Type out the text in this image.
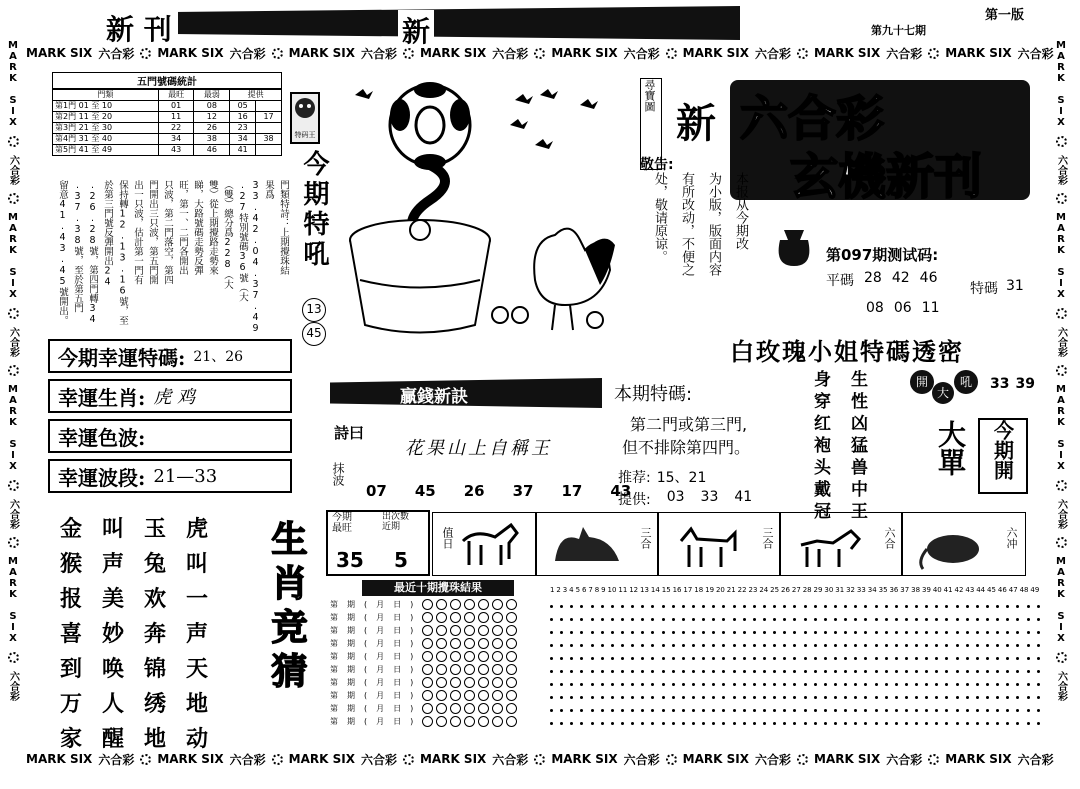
第一版
新 刊	新	第九十七期
MARK SIX 六合彩 MARK SIX 六合彩 MARK SIX 六合彩 MARK SIX 六合彩 MARK SIX 六合彩 MARK SIX 六合彩 MARK SIX 六合彩 MARK SIX 六合彩
MARK SIX 六合彩 MARK SIX 六合彩 MARK SIX 六合彩 MARK SIX 六合彩 MARK SIX 六合彩 MARK SIX 六合彩 MARK SIX 六合彩 MARK SIX 六合彩
MARK SIX
六合彩
MARK SIX
六合彩
MARK SIX
六合彩
MARK SIX
六合彩
MARK SIX
六合彩
MARK SIX
六合彩
MARK SIX
六合彩
MARK SIX
六合彩
五門號碼統計
門類	最旺	最弱	提供	
第1門 01 至 10	01	08	05	
第2門 11 至 20	11	12	16	17
第3門 21 至 30	22	26	23	
第4門 31 至 40	34	38	34	38
第5門 41 至 49	43	46	41	
特码王
今期特吼
13
45
門類特詩：上期攪珠結
果爲33.42.04.37.49
.27特別號碼36號（大
（雙）總分爲228（大
雙）從上期攪路走勢來
睇，大路號碼走勢反彈
旺，第一、二門各開出
只波，第二門落空，第四
門開出三只波，第五門開
出一只波，估計第一門有
保持轉12.13.16號，至
於第三門號反彈開出24
.26.28號，第四門轉34
.37.38號，至於第五門
留意41.43.45號開出。
今期幸運特碼: 21、26
幸運生肖: 虎 鸡
幸運色波:
幸運波段: 21—33
金
猴
报
喜
到
万
家
叫
声
美
妙
唤
人
醒
玉
兔
欢
奔
锦
绣
地
虎
叫
一
声
天
地
动
生肖竞猜
尋寶圖
新 六合彩
玄機新刊
敬告:
本报从今期改
为小版，版面内容
有所改动，不便之
处，敬请原谅。	第097期测试码:
平碼 28 42 46
08 06 11
特碼 31
白玫瑰小姐特碼透密
贏錢新訣
詩曰
花果山上自稱王
抹波
07 45 26 37 17 43
本期特碼:
第二門或第三門,
但不排除第四門。
推荐: 15、21
提供: 03 33 41	生性凶猛兽中王
身穿红袍头戴冠	開
大
吼	33 39
大單 今期開
今期
最旺
35
出次數
近期
5
值日	三合	三合	六合	六冲
最近十期攪珠結果
第 期 ( 月 日 )
第 期 ( 月 日 )
第 期 ( 月 日 )
第 期 ( 月 日 )
第 期 ( 月 日 )
第 期 ( 月 日 )
第 期 ( 月 日 )
第 期 ( 月 日 )
第 期 ( 月 日 )
第 期 ( 月 日 )
1 2 3 4 5 6 7 8 9 10 11 12 13 14 15 16 17 18 19 20 21 22 23 24 25 26 27 28 29 30 31 32 33 34 35 36 37 38 39 40 41 42 43 44 45 46 47 48 49
